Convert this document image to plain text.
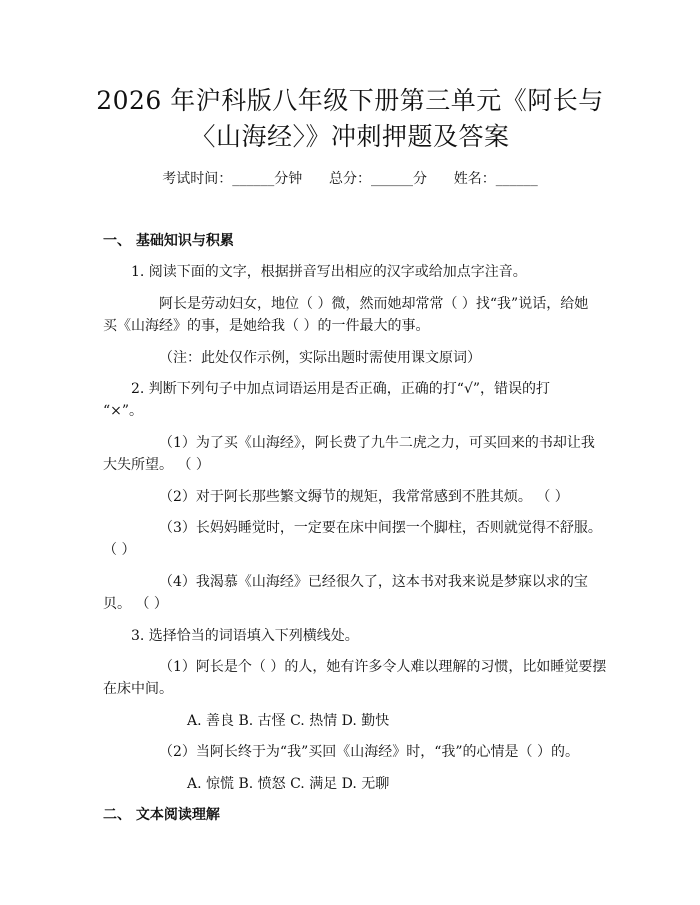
2026 年沪科版八年级下册第三单元《阿长与
〈山海经〉》冲刺押题及答案
考试时间：______分钟 总分：______分 姓名：______
一、 基础知识与积累
1. 阅读下面的文字，根据拼音写出相应的汉字或给加点字注音。
阿长是劳动妇女，地位（ ）微，然而她却常常（ ）找“我”说话，给她
买《山海经》的事，是她给我（ ）的一件最大的事。
（注：此处仅作示例，实际出题时需使用课文原词）
2. 判断下列句子中加点词语运用是否正确，正确的打“√”，错误的打
“×”。
（1）为了买《山海经》，阿长费了九牛二虎之力，可买回来的书却让我
大失所望。 （ ）
（2）对于阿长那些繁文缛节的规矩，我常常感到不胜其烦。 （ ）
（3）长妈妈睡觉时，一定要在床中间摆一个脚柱，否则就觉得不舒服。
（ ）
（4）我渴慕《山海经》已经很久了，这本书对我来说是梦寐以求的宝
贝。 （ ）
3. 选择恰当的词语填入下列横线处。
（1）阿长是个（ ）的人，她有许多令人难以理解的习惯，比如睡觉要摆
在床中间。
A. 善良 B. 古怪 C. 热情 D. 勤快
（2）当阿长终于为“我”买回《山海经》时，“我”的心情是（ ）的。
A. 惊慌 B. 愤怒 C. 满足 D. 无聊
二、 文本阅读理解
